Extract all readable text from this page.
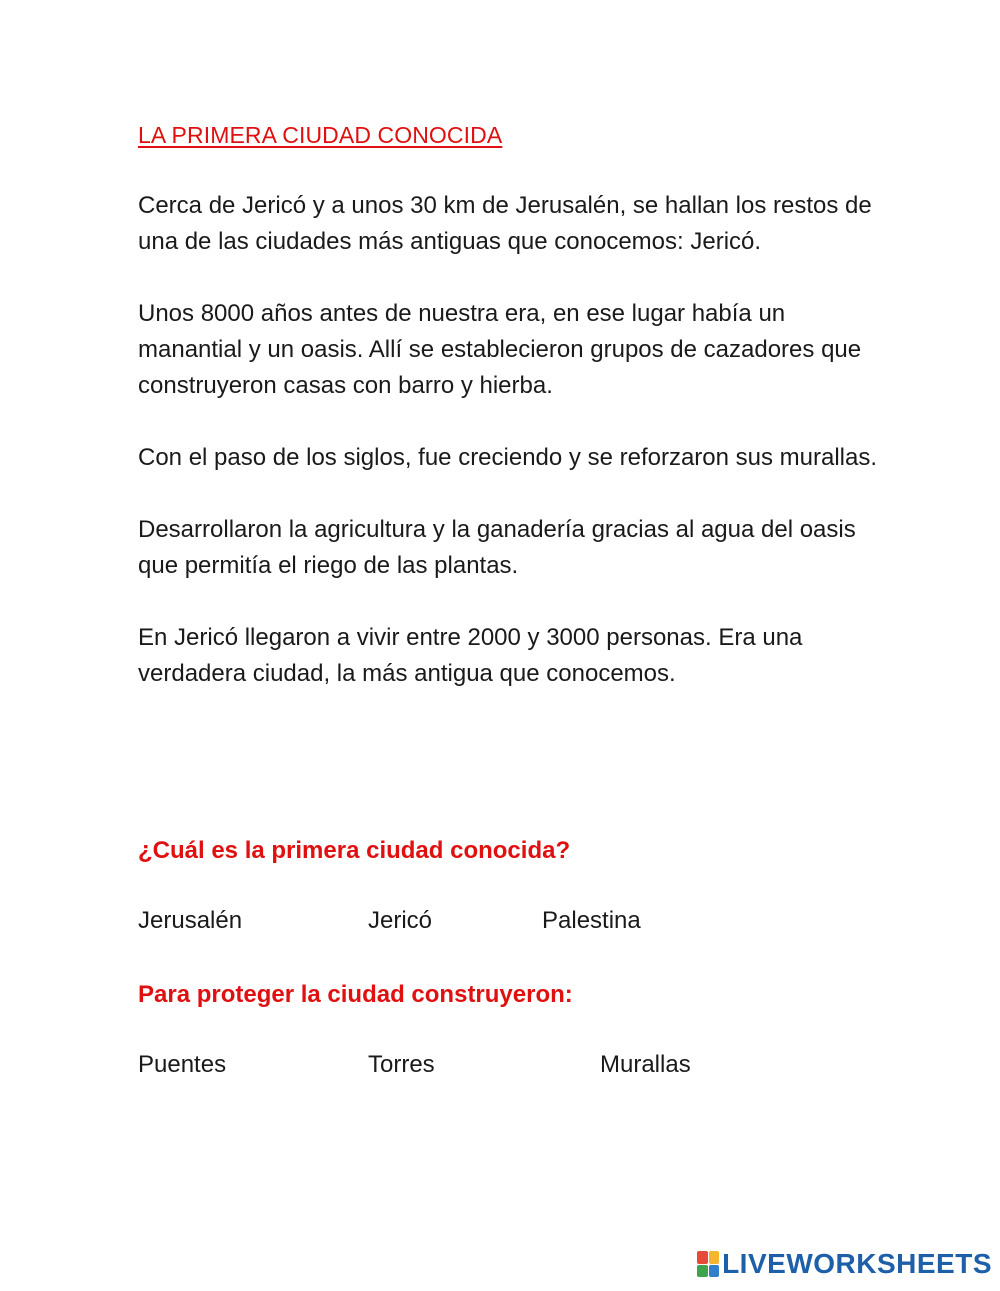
LA PRIMERA CIUDAD CONOCIDA

Cerca de Jericó y a unos 30 km de Jerusalén, se hallan los restos de una de las ciudades más antiguas que conocemos: Jericó.

Unos 8000 años antes de nuestra era, en ese lugar había un manantial y un oasis. Allí se establecieron grupos de cazadores que construyeron casas con barro y hierba.

Con el paso de los siglos, fue creciendo y se reforzaron sus murallas.

Desarrollaron la agricultura y la ganadería gracias al agua del oasis que permitía el riego de las plantas.

En Jericó llegaron a vivir entre 2000 y 3000 personas. Era una verdadera ciudad, la más antigua que conocemos.

¿Cuál es la primera ciudad conocida?
Jerusalén	Jericó	Palestina
Para proteger la ciudad construyeron:
Puentes	Torres	Murallas
LIVEWORKSHEETS
